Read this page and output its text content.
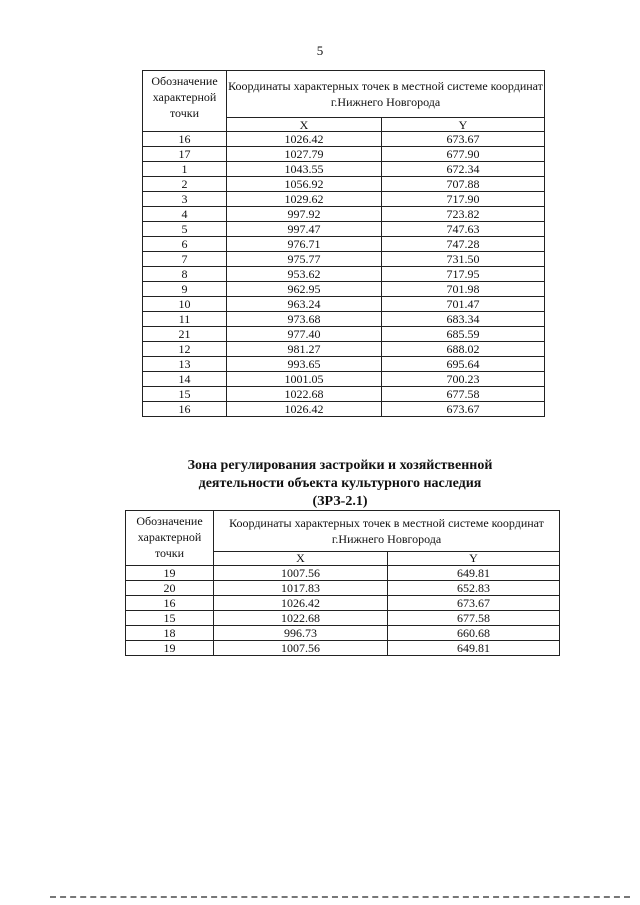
5
Обозначение характерной точки	Координаты характерных точек в местной системе координат г.Нижнего Новгорода	
	X	Y
16	1026.42	673.67
17	1027.79	677.90
1	1043.55	672.34
2	1056.92	707.88
3	1029.62	717.90
4	997.92	723.82
5	997.47	747.63
6	976.71	747.28
7	975.77	731.50
8	953.62	717.95
9	962.95	701.98
10	963.24	701.47
11	973.68	683.34
21	977.40	685.59
12	981.27	688.02
13	993.65	695.64
14	1001.05	700.23
15	1022.68	677.58
16	1026.42	673.67
Зона регулирования застройки и хозяйственной
деятельности объекта культурного наследия
(ЗРЗ-2.1)
Обозначение характерной точки	Координаты характерных точек в местной системе координат г.Нижнего Новгорода	
	X	Y
19	1007.56	649.81
20	1017.83	652.83
16	1026.42	673.67
15	1022.68	677.58
18	996.73	660.68
19	1007.56	649.81
